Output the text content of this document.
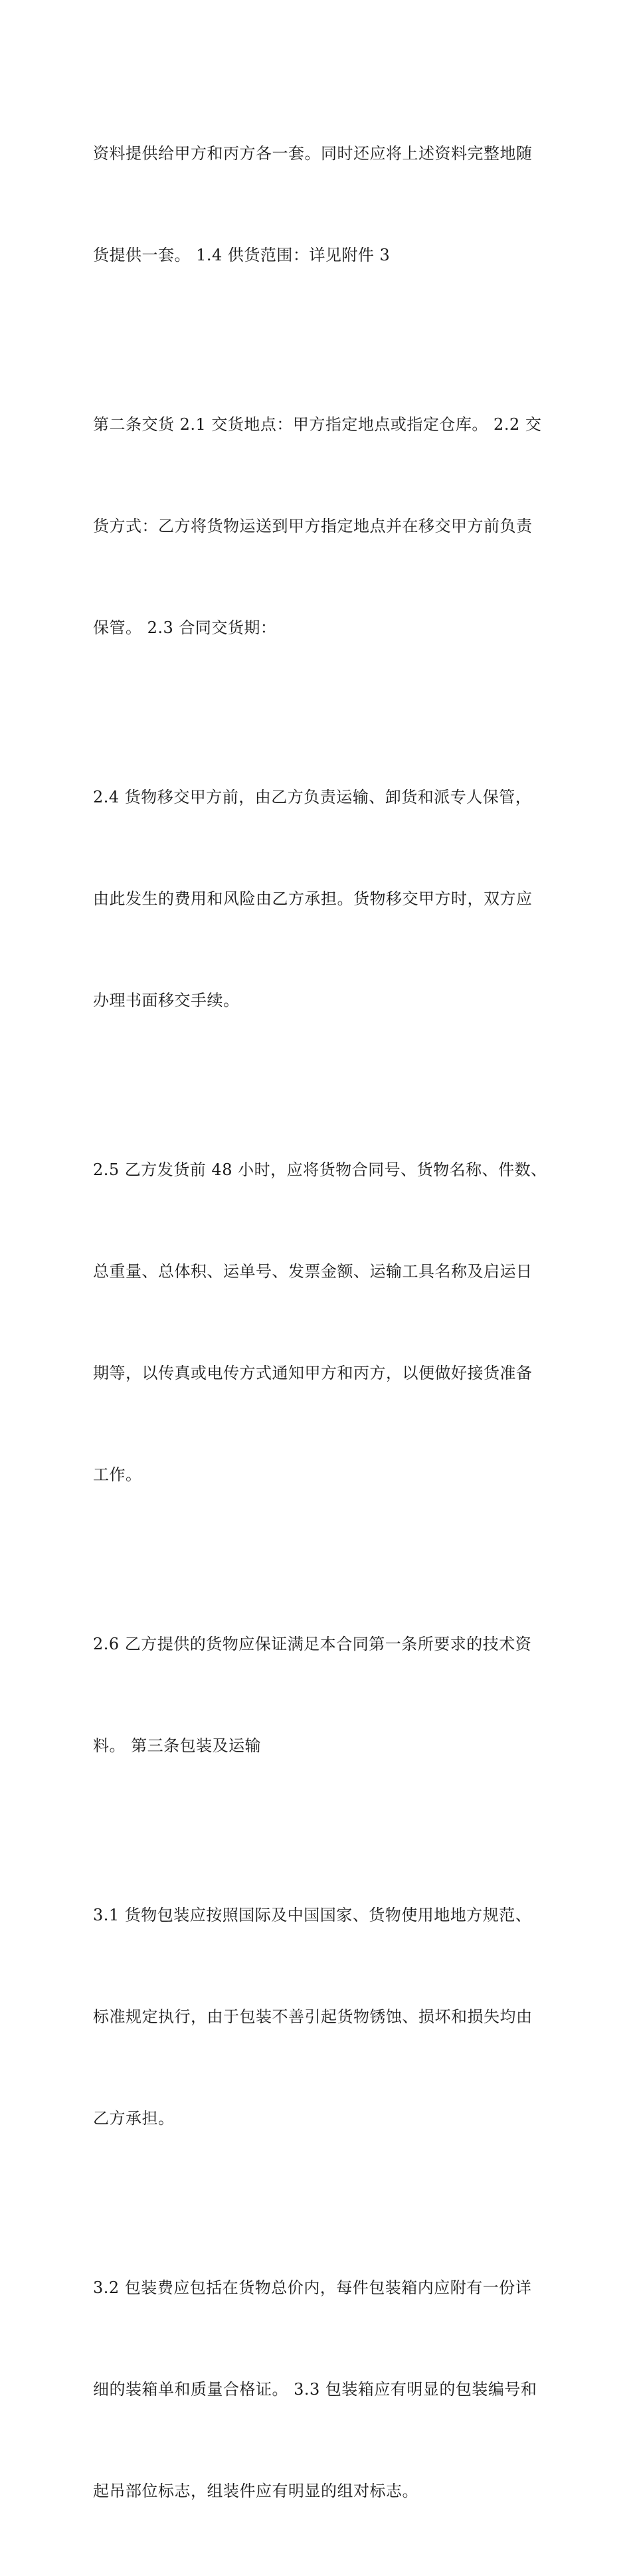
资料提供给甲方和丙方各一套。同时还应将上述资料完整地随

货提供一套。 1.4 供货范围：详见附件 3

第二条交货 2.1 交货地点：甲方指定地点或指定仓库。 2.2 交

货方式：乙方将货物运送到甲方指定地点并在移交甲方前负责

保管。 2.3 合同交货期：

2.4 货物移交甲方前，由乙方负责运输、卸货和派专人保管，

由此发生的费用和风险由乙方承担。货物移交甲方时，双方应

办理书面移交手续。

2.5 乙方发货前 48 小时，应将货物合同号、货物名称、件数、

总重量、总体积、运单号、发票金额、运输工具名称及启运日

期等，以传真或电传方式通知甲方和丙方，以便做好接货准备

工作。

2.6 乙方提供的货物应保证满足本合同第一条所要求的技术资

料。 第三条包装及运输

3.1 货物包装应按照国际及中国国家、货物使用地地方规范、

标准规定执行，由于包装不善引起货物锈蚀、损坏和损失均由

乙方承担。

3.2 包装费应包括在货物总价内，每件包装箱内应附有一份详

细的装箱单和质量合格证。 3.3 包装箱应有明显的包装编号和

起吊部位标志，组装件应有明显的组对标志。
